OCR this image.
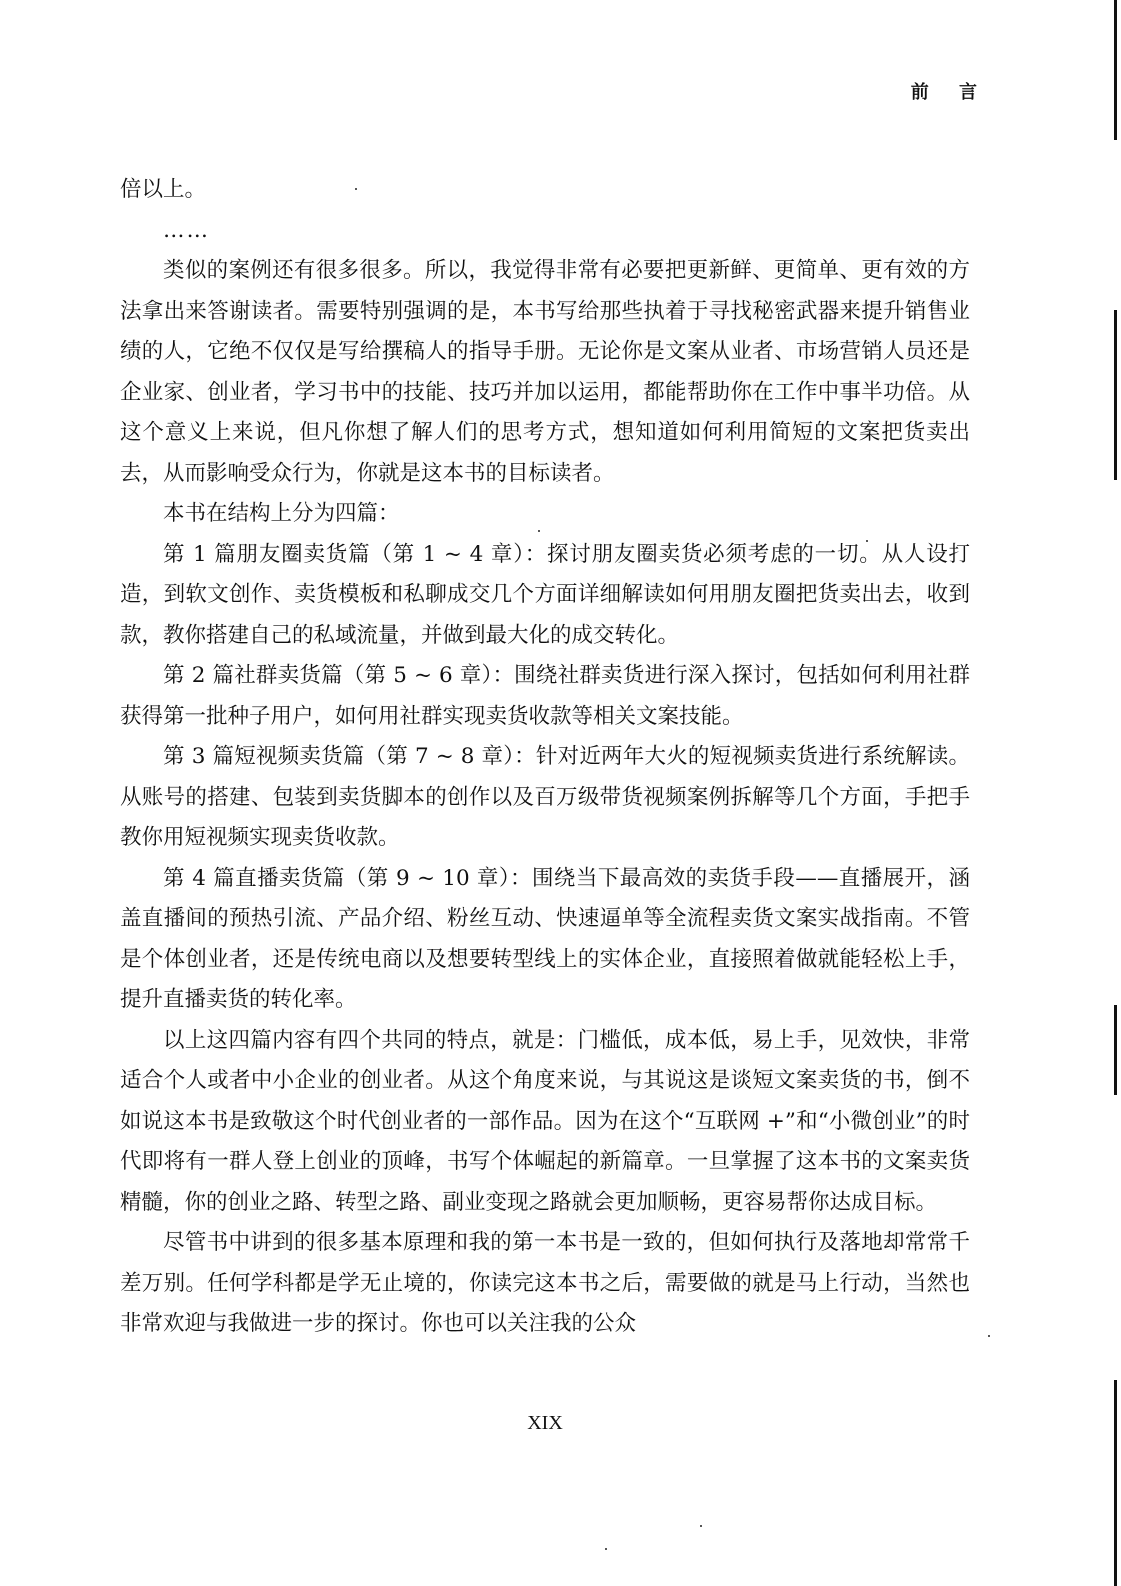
前 言

倍以上。

……

类似的案例还有很多很多。所以，我觉得非常有必要把更新鲜、更简单、更有效的方法拿出来答谢读者。需要特别强调的是，本书写给那些执着于寻找秘密武器来提升销售业绩的人，它绝不仅仅是写给撰稿人的指导手册。无论你是文案从业者、市场营销人员还是企业家、创业者，学习书中的技能、技巧并加以运用，都能帮助你在工作中事半功倍。从这个意义上来说，但凡你想了解人们的思考方式，想知道如何利用简短的文案把货卖出去，从而影响受众行为，你就是这本书的目标读者。

本书在结构上分为四篇：

第 1 篇朋友圈卖货篇（第 1 ~ 4 章）：探讨朋友圈卖货必须考虑的一切。从人设打造，到软文创作、卖货模板和私聊成交几个方面详细解读如何用朋友圈把货卖出去，收到款，教你搭建自己的私域流量，并做到最大化的成交转化。

第 2 篇社群卖货篇（第 5 ~ 6 章）：围绕社群卖货进行深入探讨，包括如何利用社群获得第一批种子用户，如何用社群实现卖货收款等相关文案技能。

第 3 篇短视频卖货篇（第 7 ~ 8 章）：针对近两年大火的短视频卖货进行系统解读。从账号的搭建、包装到卖货脚本的创作以及百万级带货视频案例拆解等几个方面，手把手教你用短视频实现卖货收款。

第 4 篇直播卖货篇（第 9 ~ 10 章）：围绕当下最高效的卖货手段——直播展开，涵盖直播间的预热引流、产品介绍、粉丝互动、快速逼单等全流程卖货文案实战指南。不管是个体创业者，还是传统电商以及想要转型线上的实体企业，直接照着做就能轻松上手，提升直播卖货的转化率。

以上这四篇内容有四个共同的特点，就是：门槛低，成本低，易上手，见效快，非常适合个人或者中小企业的创业者。从这个角度来说，与其说这是谈短文案卖货的书，倒不如说这本书是致敬这个时代创业者的一部作品。因为在这个“互联网 +”和“小微创业”的时代即将有一群人登上创业的顶峰，书写个体崛起的新篇章。一旦掌握了这本书的文案卖货精髓，你的创业之路、转型之路、副业变现之路就会更加顺畅，更容易帮你达成目标。

尽管书中讲到的很多基本原理和我的第一本书是一致的，但如何执行及落地却常常千差万别。任何学科都是学无止境的，你读完这本书之后，需要做的就是马上行动，当然也非常欢迎与我做进一步的探讨。你也可以关注我的公众

XIX
